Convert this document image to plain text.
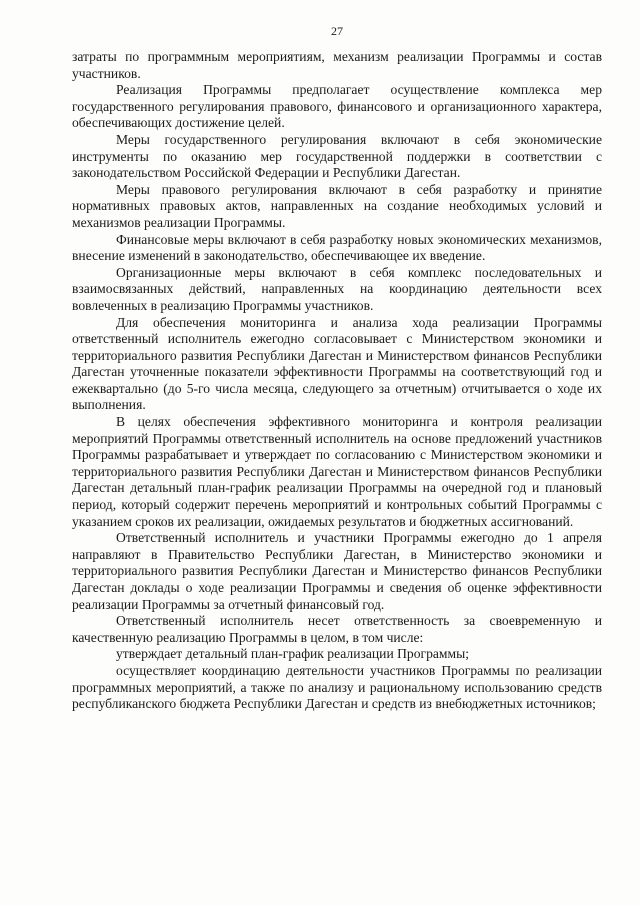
27

затраты по программным мероприятиям, механизм реализации Программы и состав участников.

Реализация Программы предполагает осуществление комплекса мер государственного регулирования правового, финансового и организационного характера, обеспечивающих достижение целей.

Меры государственного регулирования включают в себя экономические инструменты по оказанию мер государственной поддержки в соответствии с законодательством Российской Федерации и Республики Дагестан.

Меры правового регулирования включают в себя разработку и принятие нормативных правовых актов, направленных на создание необходимых условий и механизмов реализации Программы.

Финансовые меры включают в себя разработку новых экономических механизмов, внесение изменений в законодательство, обеспечивающее их введение.

Организационные меры включают в себя комплекс последовательных и взаимосвязанных действий, направленных на координацию деятельности всех вовлеченных в реализацию Программы участников.

Для обеспечения мониторинга и анализа хода реализации Программы ответственный исполнитель ежегодно согласовывает с Министерством экономики и территориального развития Республики Дагестан и Министерством финансов Республики Дагестан уточненные показатели эффективности Программы на соответствующий год и ежеквартально (до 5-го числа месяца, следующего за отчетным) отчитывается о ходе их выполнения.

В целях обеспечения эффективного мониторинга и контроля реализации мероприятий Программы ответственный исполнитель на основе предложений участников Программы разрабатывает и утверждает по согласованию с Министерством экономики и территориального развития Республики Дагестан и Министерством финансов Республики Дагестан детальный план-график реализации Программы на очередной год и плановый период, который содержит перечень мероприятий и контрольных событий Программы с указанием сроков их реализации, ожидаемых результатов и бюджетных ассигнований.

Ответственный исполнитель и участники Программы ежегодно до 1 апреля направляют в Правительство Республики Дагестан, в Министерство экономики и территориального развития Республики Дагестан и Министерство финансов Республики Дагестан доклады о ходе реализации Программы и сведения об оценке эффективности реализации Программы за отчетный финансовый год.

Ответственный исполнитель несет ответственность за своевременную и качественную реализацию Программы в целом, в том числе:

утверждает детальный план-график реализации Программы;

осуществляет координацию деятельности участников Программы по реализации программных мероприятий, а также по анализу и рациональному использованию средств республиканского бюджета Республики Дагестан и средств из внебюджетных источников;
